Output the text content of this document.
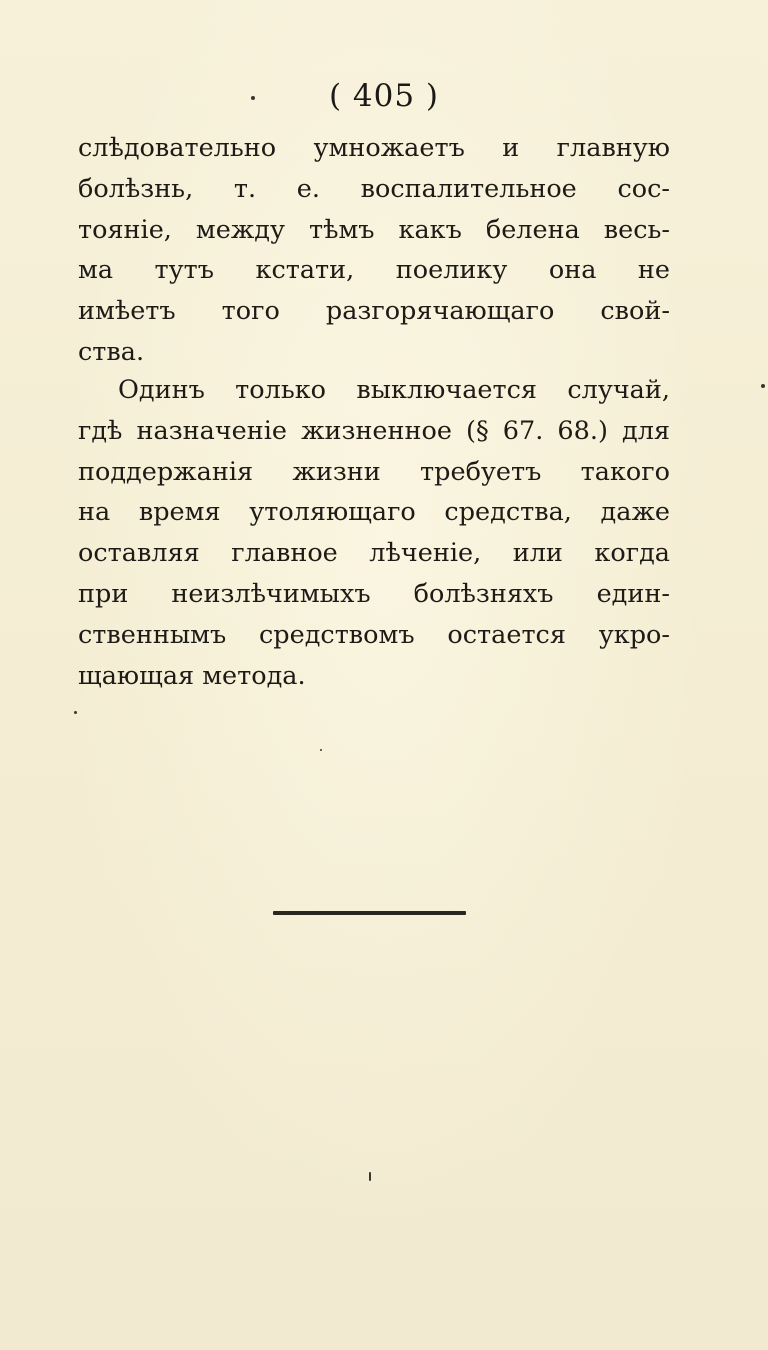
( 405 )
слѣдовательно умножаетъ и главную
болѣзнь, т. е. воспалительное сос-
тояніе, между тѣмъ какъ белена весь-
ма тутъ кстати, поелику она не
имѣетъ того разгорячающаго свой-
ства.
Одинъ только выключается случай,
гдѣ назначеніе жизненное (§ 67. 68.) для
поддержанія жизни требуетъ такого
на время утоляющаго средства, даже
оставляя главное лѣченіе, или когда
при неизлѣчимыхъ болѣзняхъ един-
ственнымъ средствомъ остается укро-
щающая метода.
